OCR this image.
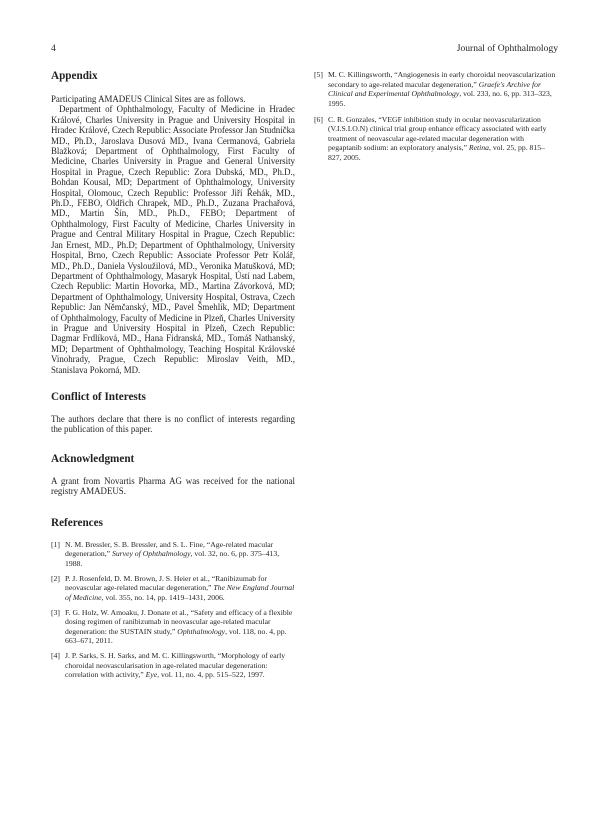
4	Journal of Ophthalmology
Appendix

Participating AMADEUS Clinical Sites are as follows.

Department of Ophthalmology, Faculty of Medicine in Hradec Králové, Charles University in Prague and University Hospital in Hradec Králové, Czech Republic: Associate Professor Jan Studnička MD., Ph.D., Jaroslava Dusová MD., Ivana Cermanová, Gabriela Blažková; Department of Ophthalmology, First Faculty of Medicine, Charles University in Prague and General University Hospital in Prague, Czech Republic: Zora Dubská, MD., Ph.D., Bohdan Kousal, MD; Department of Ophthalmology, University Hospital, Olomouc, Czech Republic: Professor Jiří Řehák, MD., Ph.D., FEBO, Oldřich Chrapek, MD., Ph.D., Zuzana Prachařová, MD., Martin Šín, MD., Ph.D., FEBO; Department of Ophthalmology, First Faculty of Medicine, Charles University in Prague and Central Military Hospital in Prague, Czech Republic: Jan Ernest, MD., Ph.D; Department of Ophthalmology, University Hospital, Brno, Czech Republic: Associate Professor Petr Kolář, MD., Ph.D., Daniela Vysloužilová, MD., Veronika Matušková, MD; Department of Ophthalmology, Masaryk Hospital, Ústí nad Labem, Czech Republic: Martin Hovorka, MD., Martina Závorková, MD; Department of Ophthalmology, University Hospital, Ostrava, Czech Republic: Jan Němčanský, MD., Pavel Šmehlík, MD; Department of Ophthalmology, Faculty of Medicine in Plzeň, Charles University in Prague and University Hospital in Plzeň, Czech Republic: Dagmar Frdlíková, MD., Hana Fidranská, MD., Tomáš Nathanský, MD; Department of Ophthalmology, Teaching Hospital Královské Vinohrady, Prague, Czech Republic: Miroslav Veith, MD., Stanislava Pokorná, MD.

Conflict of Interests

The authors declare that there is no conflict of interests regarding the publication of this paper.

Acknowledgment

A grant from Novartis Pharma AG was received for the national registry AMADEUS.

References
[1] N. M. Bressler, S. B. Bressler, and S. L. Fine, “Age-related macular degeneration,” Survey of Ophthalmology, vol. 32, no. 6, pp. 375–413, 1988.
[2] P. J. Rosenfeld, D. M. Brown, J. S. Heier et al., “Ranibizumab for neovascular age-related macular degeneration,” The New England Journal of Medicine, vol. 355, no. 14, pp. 1419–1431, 2006.
[3] F. G. Holz, W. Amoaku, J. Donate et al., “Safety and efficacy of a flexible dosing regimen of ranibizumab in neovascular age-related macular degeneration: the SUSTAIN study,” Ophthalmology, vol. 118, no. 4, pp. 663–671, 2011.
[4] J. P. Sarks, S. H. Sarks, and M. C. Killingsworth, “Morphology of early choroidal neovascularisation in age-related macular degeneration: correlation with activity,” Eye, vol. 11, no. 4, pp. 515–522, 1997.
[5] M. C. Killingsworth, “Angiogenesis in early choroidal neovascularization secondary to age-related macular degeneration,” Graefe's Archive for Clinical and Experimental Ophthalmology, vol. 233, no. 6, pp. 313–323, 1995.
[6] C. R. Gonzales, “VEGF inhibition study in ocular neovascularization (V.I.S.I.O.N) clinical trial group enhance efficacy associated with early treatment of neovascular age-related macular degeneration with pegaptanib sodium: an exploratory analysis,” Retina, vol. 25, pp. 815–827, 2005.
